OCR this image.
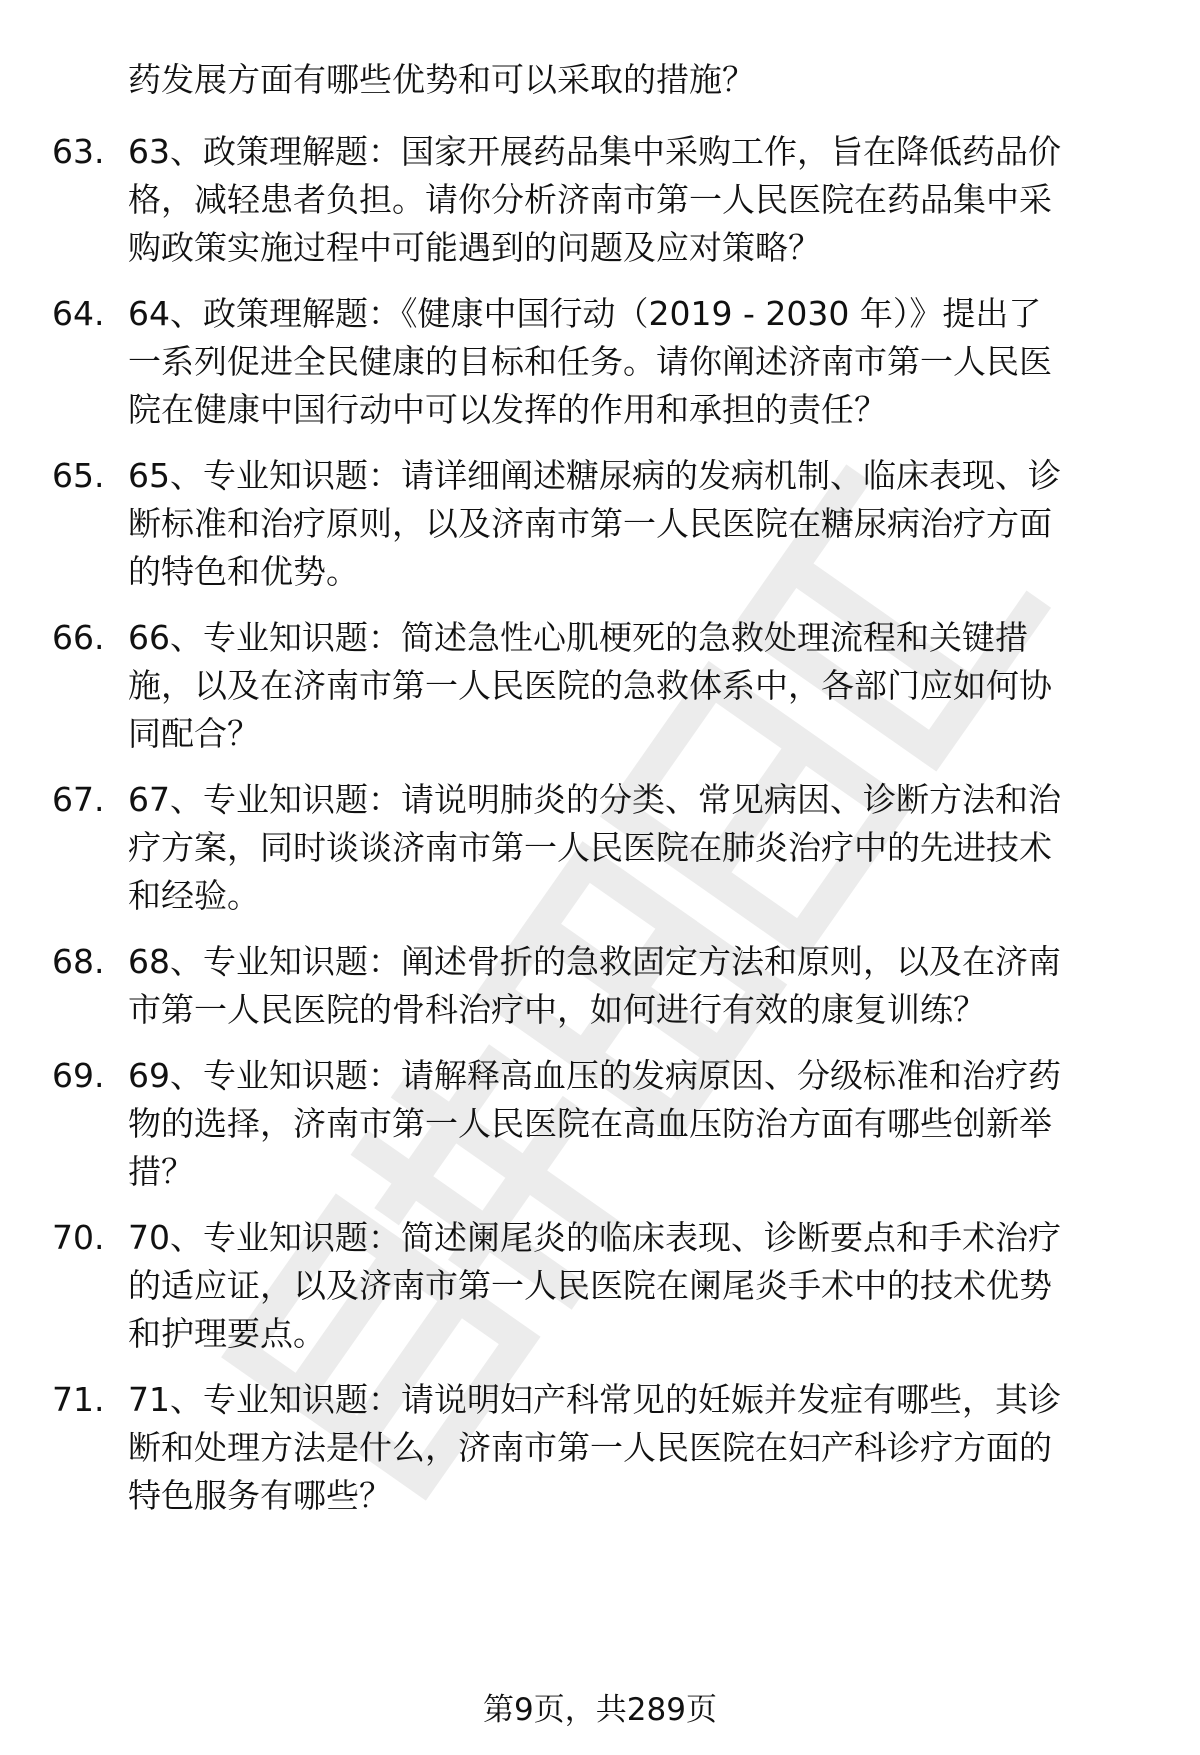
药发展方面有哪些优势和可以采取的措施？
63. 63、政策理解题：国家开展药品集中采购工作，旨在降低药品价
格，减轻患者负担。请你分析济南市第一人民医院在药品集中采
购政策实施过程中可能遇到的问题及应对策略？
64. 64、政策理解题：《健康中国行动（2019 - 2030 年）》提出了
一系列促进全民健康的目标和任务。请你阐述济南市第一人民医
院在健康中国行动中可以发挥的作用和承担的责任？
65. 65、专业知识题：请详细阐述糖尿病的发病机制、临床表现、诊
断标准和治疗原则，以及济南市第一人民医院在糖尿病治疗方面
的特色和优势。
66. 66、专业知识题：简述急性心肌梗死的急救处理流程和关键措
施，以及在济南市第一人民医院的急救体系中，各部门应如何协
同配合？
67. 67、专业知识题：请说明肺炎的分类、常见病因、诊断方法和治
疗方案，同时谈谈济南市第一人民医院在肺炎治疗中的先进技术
和经验。
68. 68、专业知识题：阐述骨折的急救固定方法和原则，以及在济南
市第一人民医院的骨科治疗中，如何进行有效的康复训练？
69. 69、专业知识题：请解释高血压的发病原因、分级标准和治疗药
物的选择，济南市第一人民医院在高血压防治方面有哪些创新举
措？
70. 70、专业知识题：简述阑尾炎的临床表现、诊断要点和手术治疗
的适应证，以及济南市第一人民医院在阑尾炎手术中的技术优势
和护理要点。
71. 71、专业知识题：请说明妇产科常见的妊娠并发症有哪些，其诊
断和处理方法是什么，济南市第一人民医院在妇产科诊疗方面的
特色服务有哪些？
第9页，共289页
